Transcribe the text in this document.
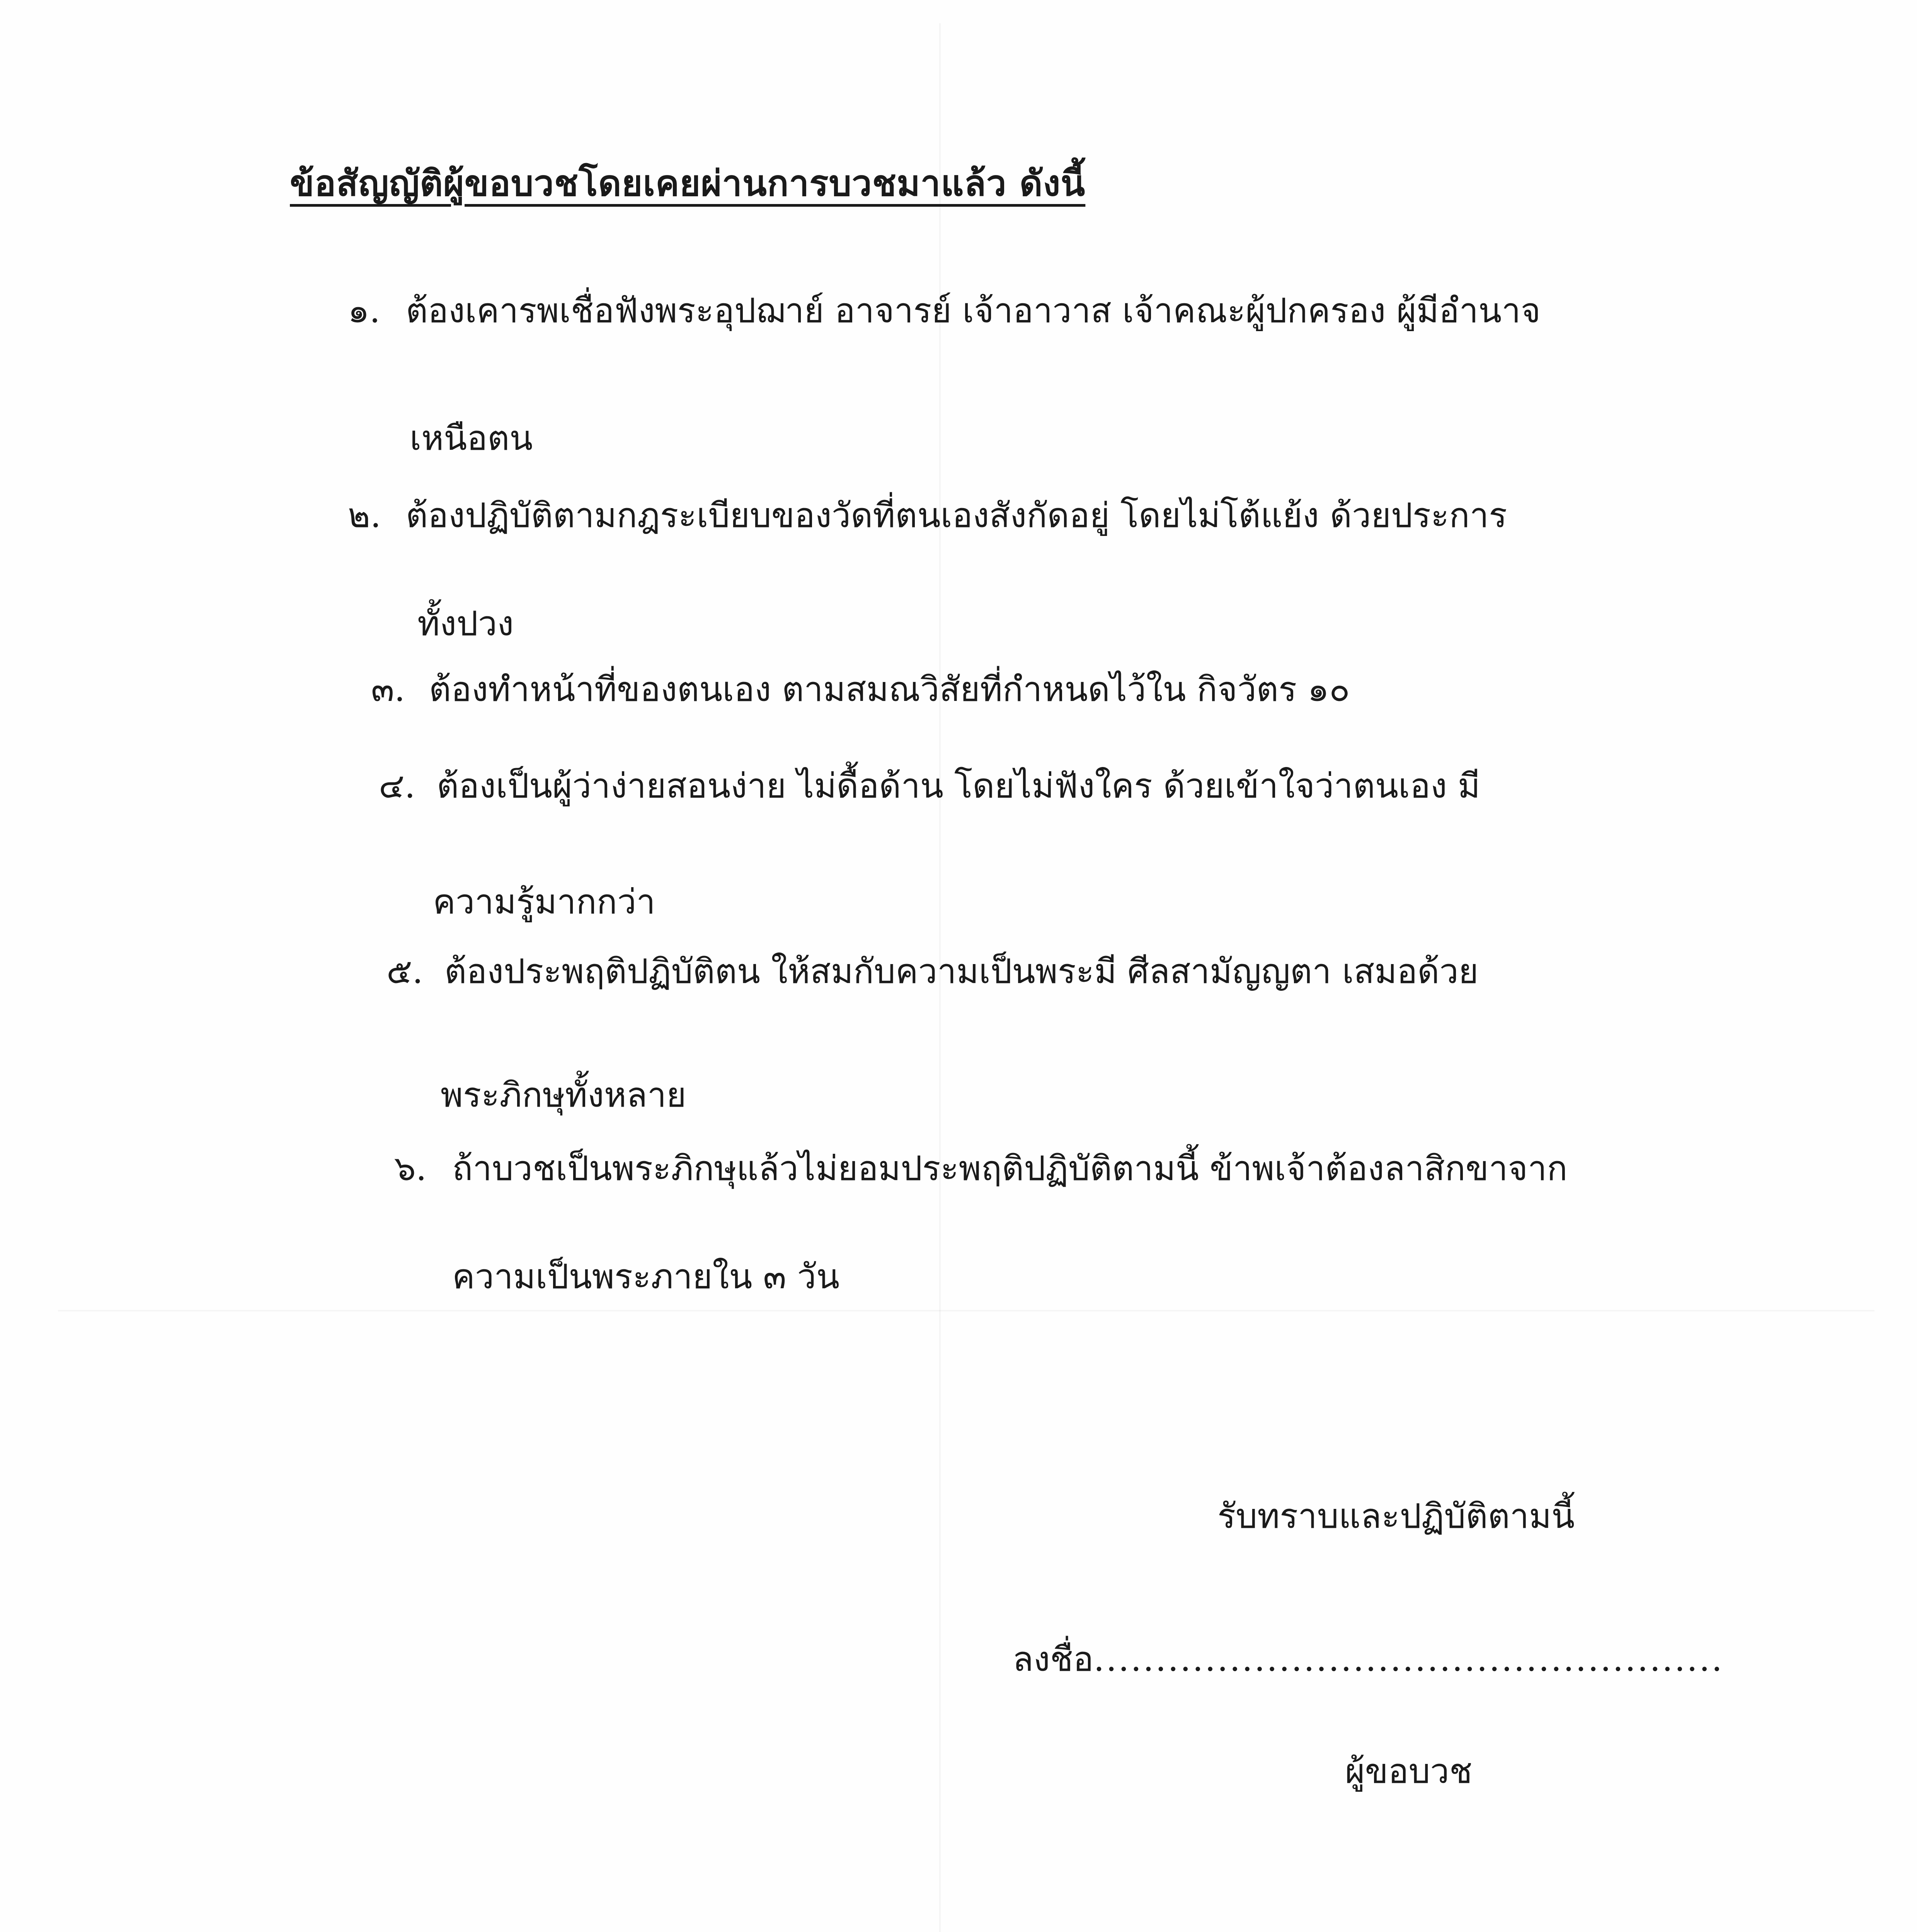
ข้อสัญญัติผู้ขอบวชโดยเคยผ่านการบวชมาแล้ว ดังนี้
๑. ต้องเคารพเชื่อฟังพระอุปฌาย์ อาจารย์ เจ้าอาวาส เจ้าคณะผู้ปกครอง ผู้มีอำนาจ
เหนือตน
๒. ต้องปฏิบัติตามกฎระเบียบของวัดที่ตนเองสังกัดอยู่ โดยไม่โต้แย้ง ด้วยประการ
ทั้งปวง
๓. ต้องทำหน้าที่ของตนเอง ตามสมณวิสัยที่กำหนดไว้ใน กิจวัตร ๑๐
๔. ต้องเป็นผู้ว่าง่ายสอนง่าย ไม่ดื้อด้าน โดยไม่ฟังใคร ด้วยเข้าใจว่าตนเอง มี
ความรู้มากกว่า
๕. ต้องประพฤติปฏิบัติตน ให้สมกับความเป็นพระมี ศีลสามัญญตา เสมอด้วย
พระภิกษุทั้งหลาย
๖. ถ้าบวชเป็นพระภิกษุแล้วไม่ยอมประพฤติปฏิบัติตามนี้ ข้าพเจ้าต้องลาสิกขาจาก
ความเป็นพระภายใน ๓ วัน
รับทราบและปฏิบัติตามนี้
ลงชื่อ...................................................
ผู้ขอบวช
